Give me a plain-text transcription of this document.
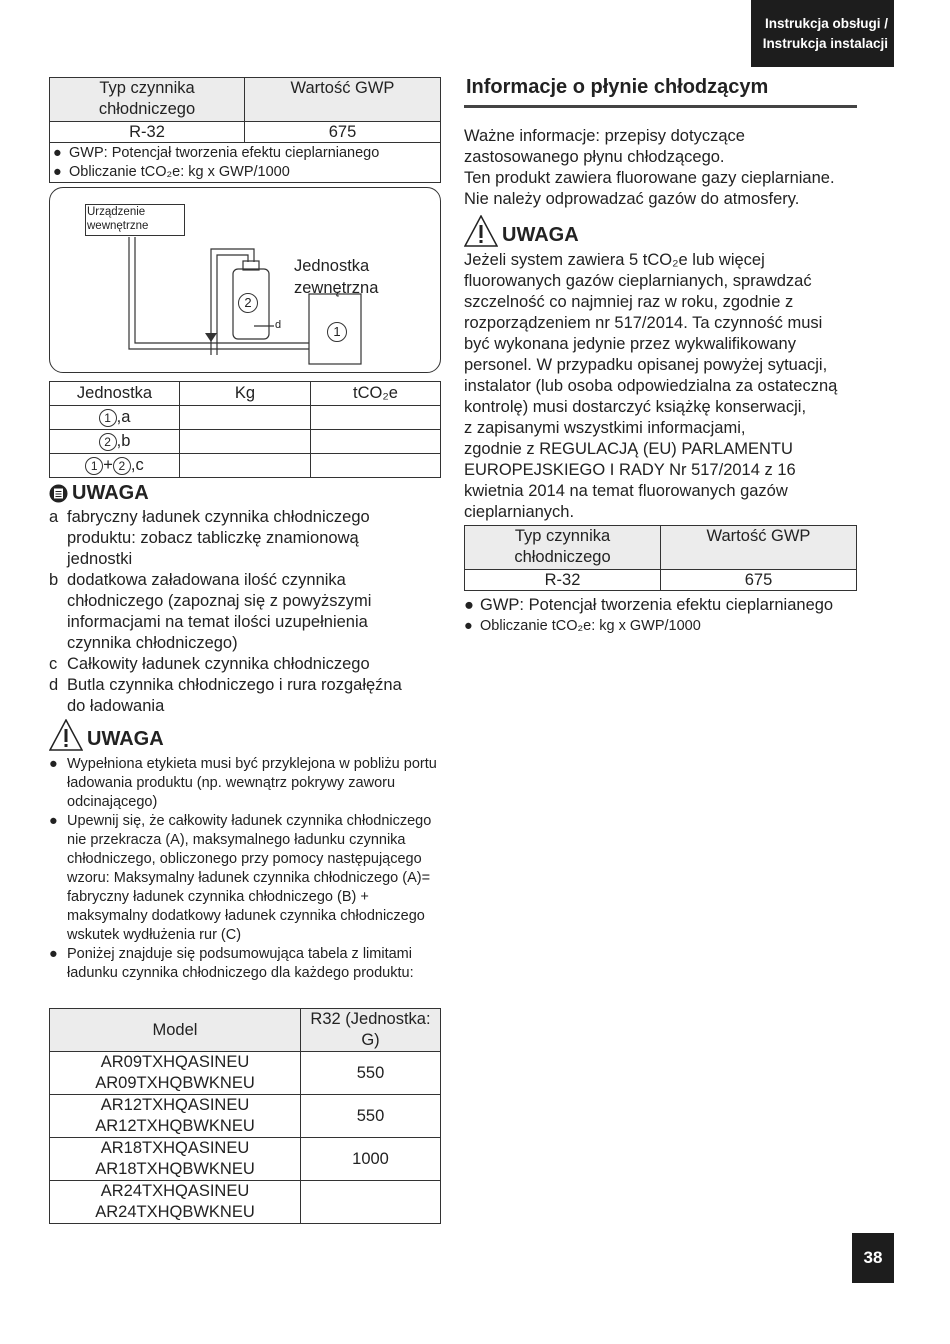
Instrukcja obsługi /
Instrukcja instalacji
Typ czynnika chłodniczego	Wartość GWP
R-32	675
● GWP: Potencjał tworzenia efektu cieplarnianego
● Obliczanie tCO₂e: kg x GWP/1000
Urządzenie wewnętrzne
Jednostka zewnętrzna
2
d	1
Jednostka	Kg	tCO₂e
1 ,a		
2 ,b		
1 + 2 ,c		
UWAGA
a fabryczny ładunek czynnika chłodniczego produktu: zobacz tabliczkę znamionową jednostki
b dodatkowa załadowana ilość czynnika chłodniczego (zapoznaj się z powyższymi informacjami na temat ilości uzupełnienia czynnika chłodniczego)
c Całkowity ładunek czynnika chłodniczego
d Butla czynnika chłodniczego i rura rozgałęźna do ładowania
UWAGA
● Wypełniona etykieta musi być przyklejona w pobliżu portu ładowania produktu (np. wewnątrz pokrywy zaworu odcinającego)
● Upewnij się, że całkowity ładunek czynnika chłodniczego nie przekracza (A), maksymalnego ładunku czynnika chłodniczego, obliczonego przy pomocy następującego wzoru: Maksymalny ładunek czynnika chłodniczego (A)= fabryczny ładunek czynnika chłodniczego (B) + maksymalny dodatkowy ładunek czynnika chłodniczego wskutek wydłużenia rur (C)
● Poniżej znajduje się podsumowująca tabela z limitami ładunku czynnika chłodniczego dla każdego produktu:
Model	R32 (Jednostka: G)

AR09TXHQASINEU
AR09TXHQBWKNEU	550

AR12TXHQASINEU
AR12TXHQBWKNEU	550

AR18TXHQASINEU
AR18TXHQBWKNEU	1000

AR24TXHQASINEU
AR24TXHQBWKNEU	

Informacje o płynie chłodzącym
Ważne informacje: przepisy dotyczące
zastosowanego płynu chłodzącego.
Ten produkt zawiera fluorowane gazy cieplarniane.
Nie należy odprowadzać gazów do atmosfery.
UWAGA
Jeżeli system zawiera 5 tCO₂e lub więcej
fluorowanych gazów cieplarnianych, sprawdzać
szczelność co najmniej raz w roku, zgodnie z
rozporządzeniem nr 517/2014. Ta czynność musi
być wykonana jedynie przez wykwalifikowany
personel. W przypadku opisanej powyżej sytuacji,
instalator (lub osoba odpowiedzialna za ostateczną
kontrolę) musi dostarczyć książkę konserwacji,
z zapisanymi wszystkimi informacjami,
zgodnie z REGULACJĄ (EU) PARLAMENTU
EUROPEJSKIEGO I RADY Nr 517/2014 z 16
kwietnia 2014 na temat fluorowanych gazów
cieplarnianych.
Typ czynnika chłodniczego	Wartość GWP
R-32	675
● GWP: Potencjał tworzenia efektu cieplarnianego
● Obliczanie tCO₂e: kg x GWP/1000
38
